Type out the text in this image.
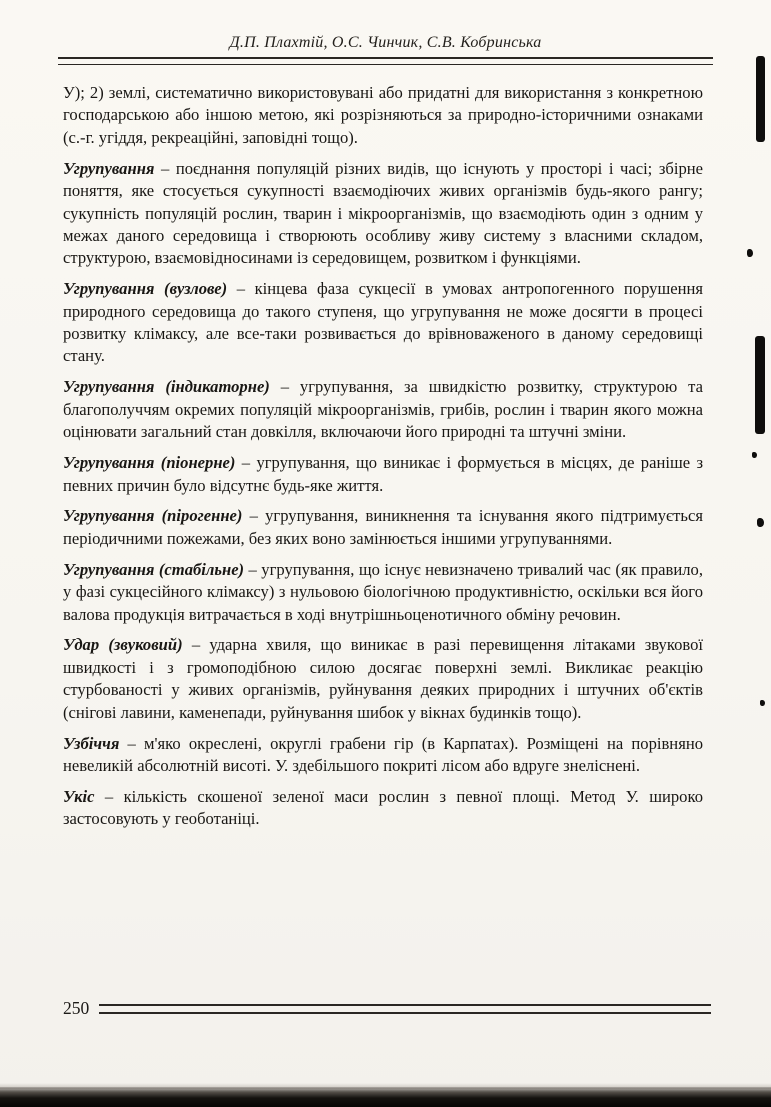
Д.П. Плахтій, О.С. Чинчик, С.В. Кобринська

У); 2) землі, систематично використовувані або придатні для використання з конкретною господарською або іншою метою, які розрізняються за природно-історичними ознаками (с.-г. угіддя, рекреаційні, заповідні тощо).

Угрупування – поєднання популяцій різних видів, що існують у просторі і часі; збірне поняття, яке стосується сукупності взаємодіючих живих організмів будь-якого рангу; сукупність популяцій рослин, тварин і мікроорганізмів, що взаємодіють один з одним у межах даного середовища і створюють особливу живу систему з власними складом, структурою, взаємовідносинами із середовищем, розвитком і функціями.

Угрупування (вузлове) – кінцева фаза сукцесії в умовах антропогенного порушення природного середовища до такого ступеня, що угрупування не може досягти в процесі розвитку клімаксу, але все-таки розвивається до врівноваженого в даному середовищі стану.

Угрупування (індикаторне) – угрупування, за швидкістю розвитку, структурою та благополуччям окремих популяцій мікроорганізмів, грибів, рослин і тварин якого можна оцінювати загальний стан довкілля, включаючи його природні та штучні зміни.

Угрупування (піонерне) – угрупування, що виникає і формується в місцях, де раніше з певних причин було відсутнє будь-яке життя.

Угрупування (пірогенне) – угрупування, виникнення та існування якого підтримується періодичними пожежами, без яких воно замінюється іншими угрупуваннями.

Угрупування (стабільне) – угрупування, що існує невизначено тривалий час (як правило, у фазі сукцесійного клімаксу) з нульовою біологічною продуктивністю, оскільки вся його валова продукція витрачається в ході внутрішньоценотичного обміну речовин.

Удар (звуковий) – ударна хвиля, що виникає в разі перевищення літаками звукової швидкості і з громоподібною силою досягає поверхні землі. Викликає реакцію стурбованості у живих організмів, руйнування деяких природних і штучних об'єктів (снігові лавини, каменепади, руйнування шибок у вікнах будинків тощо).

Узбіччя – м'яко окреслені, округлі грабени гір (в Карпатах). Розміщені на порівняно невеликій абсолютній висоті. У. здебільшого покриті лісом або вдруге знеліснені.

Укіс – кількість скошеної зеленої маси рослин з певної площі. Метод У. широко застосовують у геоботаніці.

250
